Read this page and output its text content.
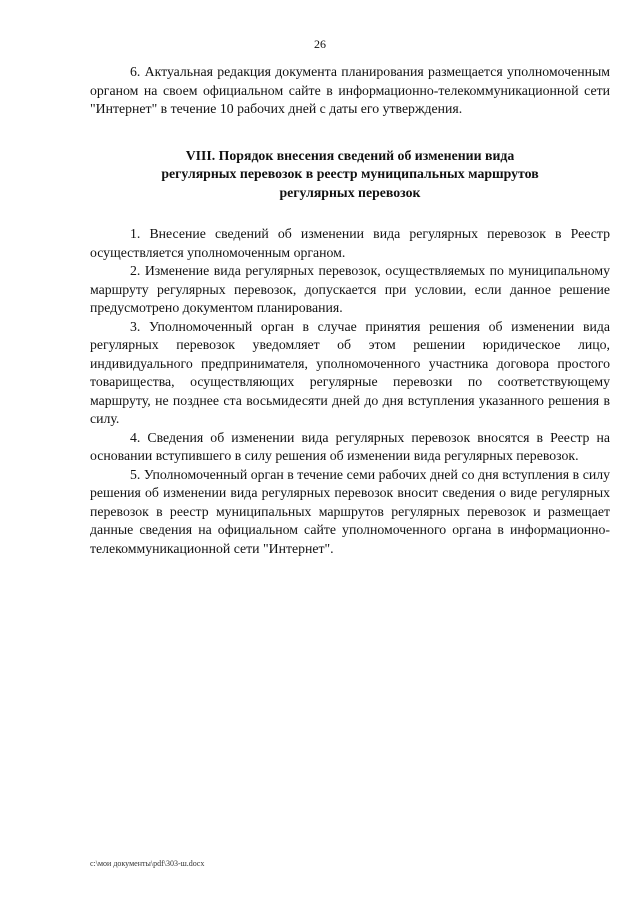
26

6. Актуальная редакция документа планирования размещается уполномоченным органом на своем официальном сайте в информационно-телекоммуникационной сети "Интернет" в течение 10 рабочих дней с даты его утверждения.

VIII. Порядок внесения сведений об изменении вида
регулярных перевозок в реестр муниципальных маршрутов
регулярных перевозок

1. Внесение сведений об изменении вида регулярных перевозок в Реестр осуществляется уполномоченным органом.

2. Изменение вида регулярных перевозок, осуществляемых по муниципальному маршруту регулярных перевозок, допускается при условии, если данное решение предусмотрено документом планирования.

3. Уполномоченный орган в случае принятия решения об изменении вида регулярных перевозок уведомляет об этом решении юридическое лицо, индивидуального предпринимателя, уполномоченного участника договора простого товарищества, осуществляющих регулярные перевозки по соответствующему маршруту, не позднее ста восьмидесяти дней до дня вступления указанного решения в силу.

4. Сведения об изменении вида регулярных перевозок вносятся в Реестр на основании вступившего в силу решения об изменении вида регулярных перевозок.

5. Уполномоченный орган в течение семи рабочих дней со дня вступления в силу решения об изменении вида регулярных перевозок вносит сведения о виде регулярных перевозок в реестр муниципальных маршрутов регулярных перевозок и размещает данные сведения на официальном сайте уполномоченного органа в информационно-телекоммуникационной сети "Интернет".

c:\мои документы\pdf\303-ш.docx
